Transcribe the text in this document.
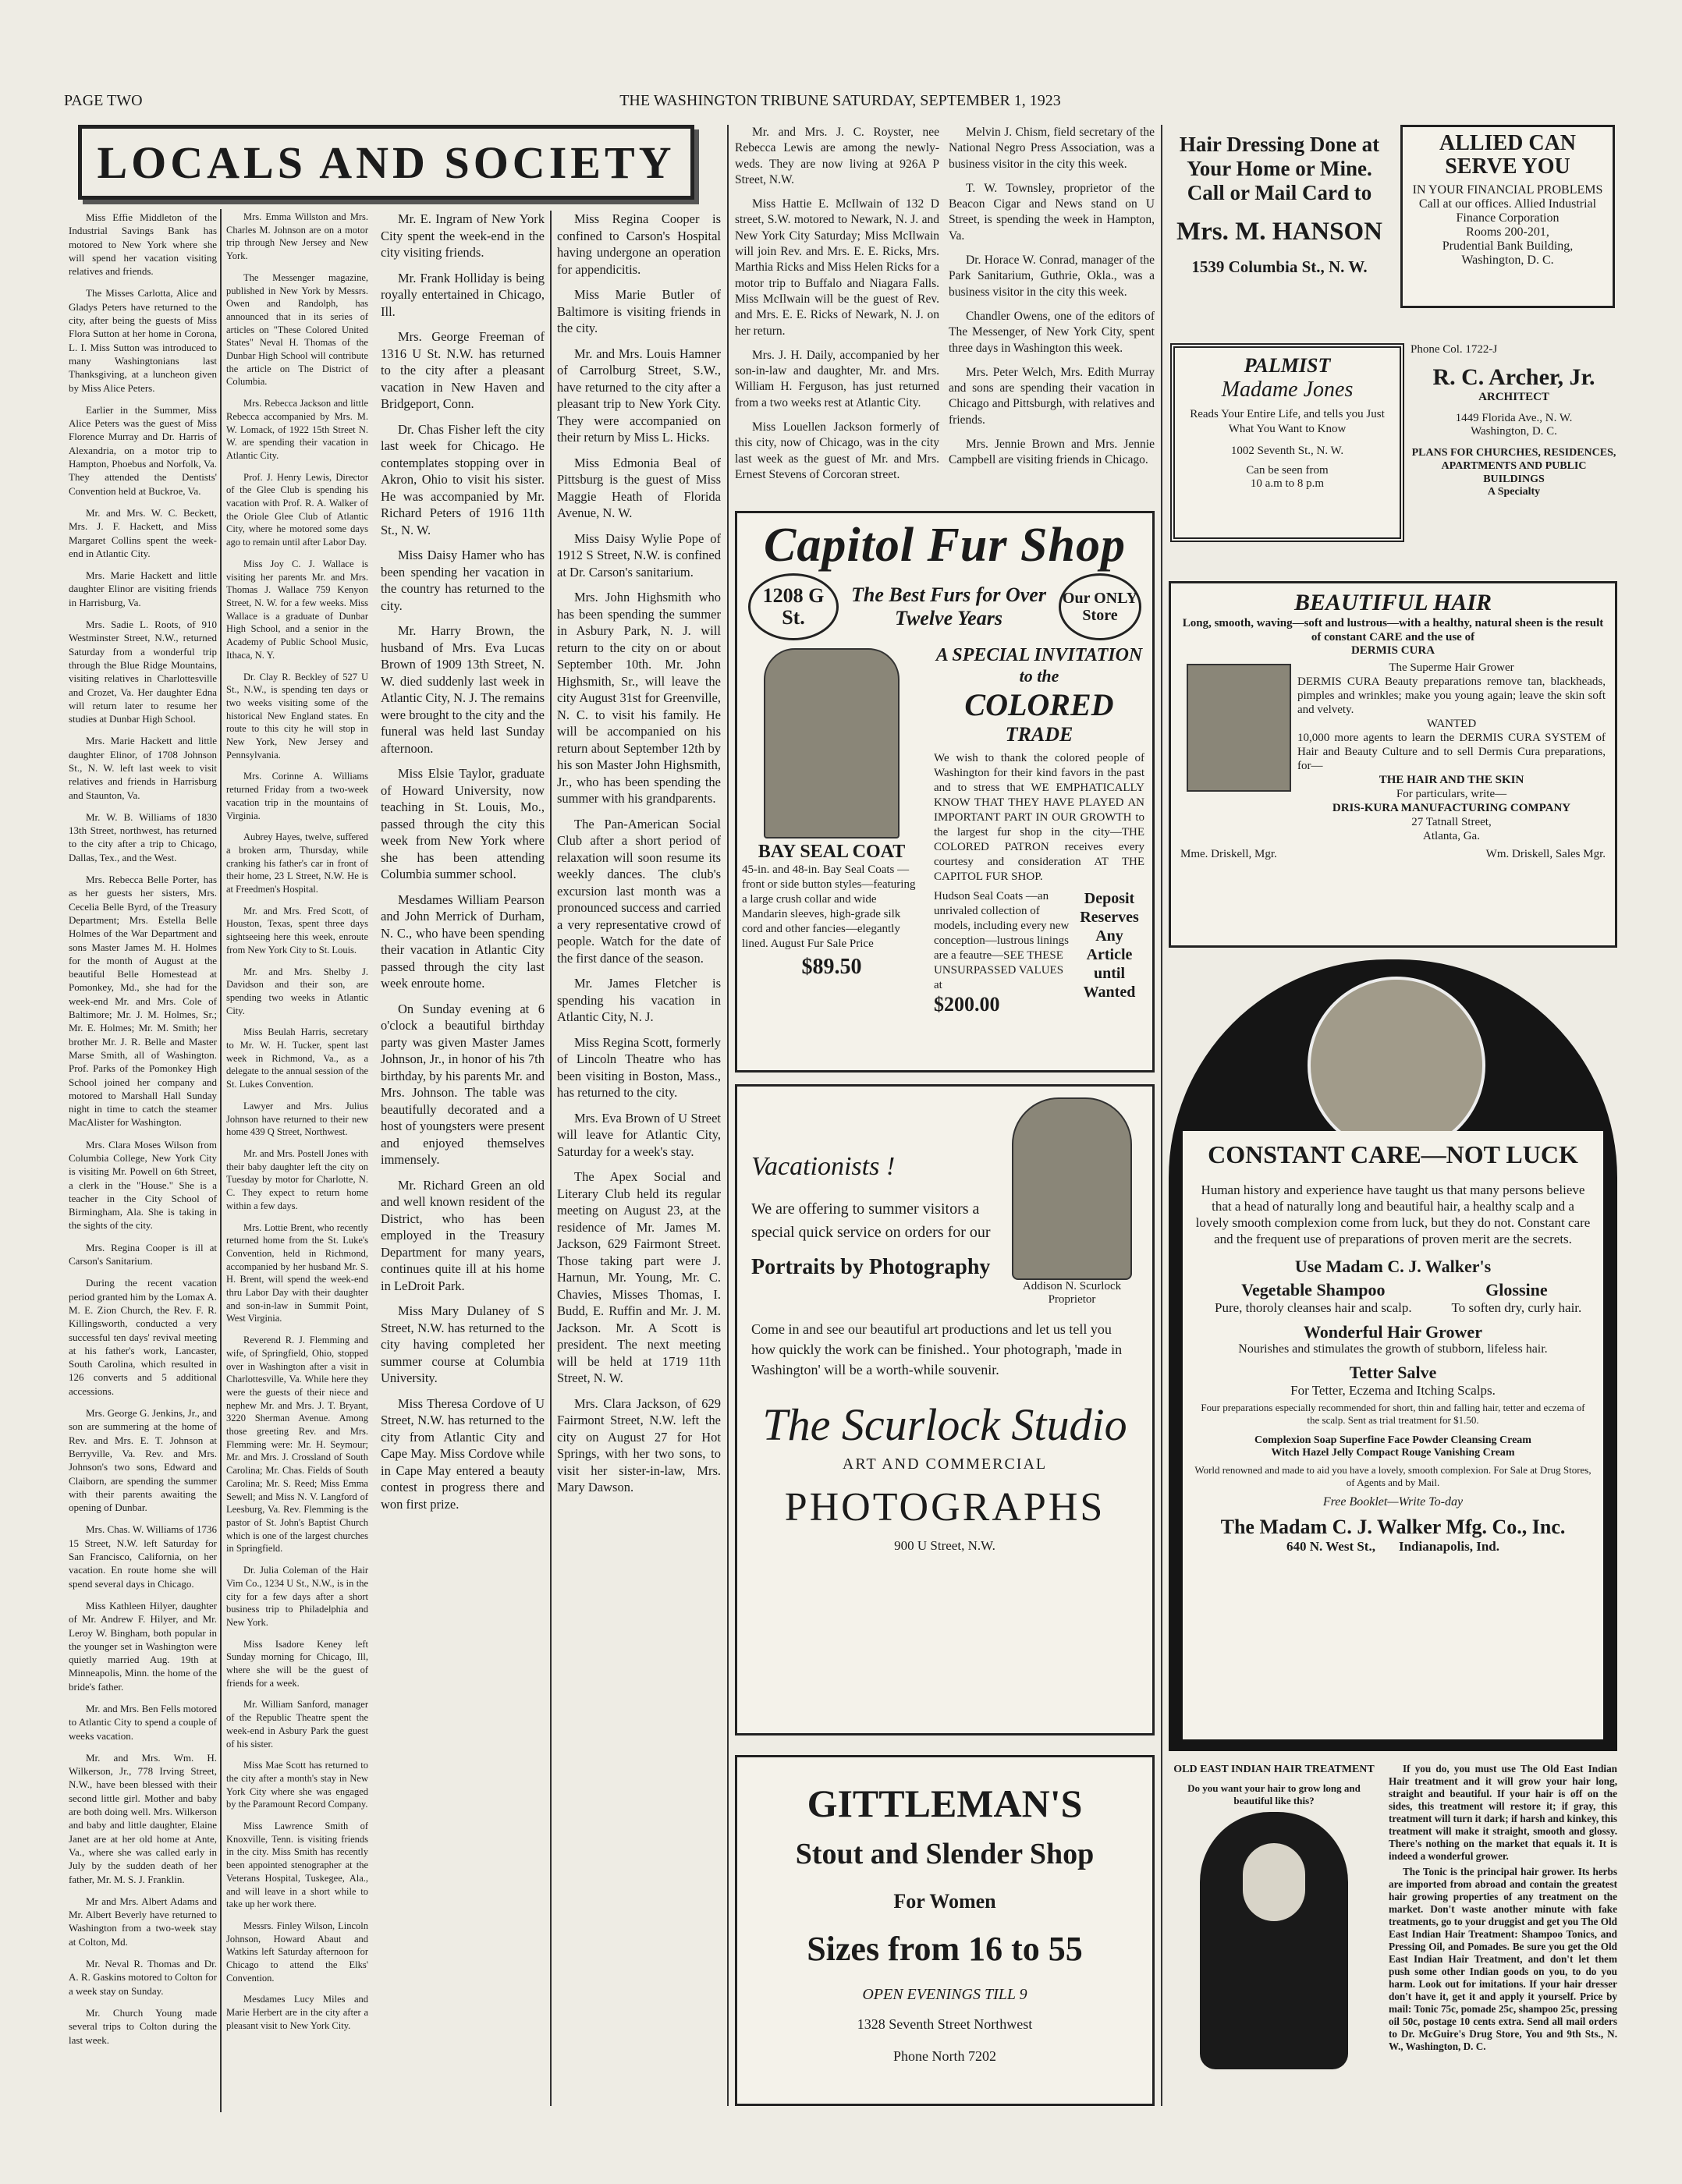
PAGE TWO	THE WASHINGTON TRIBUNE SATURDAY, SEPTEMBER 1, 1923
LOCALS AND SOCIETY

Miss Effie Middleton of the Industrial Savings Bank has motored to New York where she will spend her vacation visiting relatives and friends.

The Misses Carlotta, Alice and Gladys Peters have returned to the city, after being the guests of Miss Flora Sutton at her home in Corona, L. I. Miss Sutton was introduced to many Washingtonians last Thanksgiving, at a luncheon given by Miss Alice Peters.

Earlier in the Summer, Miss Alice Peters was the guest of Miss Florence Murray and Dr. Harris of Alexandria, on a motor trip to Hampton, Phoebus and Norfolk, Va. They attended the Dentists' Convention held at Buckroe, Va.

Mr. and Mrs. W. C. Beckett, Mrs. J. F. Hackett, and Miss Margaret Collins spent the week-end in Atlantic City.

Mrs. Marie Hackett and little daughter Elinor are visiting friends in Harrisburg, Va.

Mrs. Sadie L. Roots, of 910 Westminster Street, N.W., returned Saturday from a wonderful trip through the Blue Ridge Mountains, visiting relatives in Charlottesville and Crozet, Va. Her daughter Edna will return later to resume her studies at Dunbar High School.

Mrs. Marie Hackett and little daughter Elinor, of 1708 Johnson St., N. W. left last week to visit relatives and friends in Harrisburg and Staunton, Va.

Mr. W. B. Williams of 1830 13th Street, northwest, has returned to the city after a trip to Chicago, Dallas, Tex., and the West.

Mrs. Rebecca Belle Porter, has as her guests her sisters, Mrs. Cecelia Belle Byrd, of the Treasury Department; Mrs. Estella Belle Holmes of the War Department and sons Master James M. H. Holmes for the month of August at the beautiful Belle Homestead at Pomonkey, Md., she had for the week-end Mr. and Mrs. Cole of Baltimore; Mr. J. M. Holmes, Sr.; Mr. E. Holmes; Mr. M. Smith; her brother Mr. J. R. Belle and Master Marse Smith, all of Washington. Prof. Parks of the Pomonkey High School joined her company and motored to Marshall Hall Sunday night in time to catch the steamer MacAlister for Washington.

Mrs. Clara Moses Wilson from Columbia College, New York City is visiting Mr. Powell on 6th Street, a clerk in the "House." She is a teacher in the City School of Birmingham, Ala. She is taking in the sights of the city.

Mrs. Regina Cooper is ill at Carson's Sanitarium.

During the recent vacation period granted him by the Lomax A. M. E. Zion Church, the Rev. F. R. Killingsworth, conducted a very successful ten days' revival meeting at his father's work, Lancaster, South Carolina, which resulted in 126 converts and 5 additional accessions.

Mrs. George G. Jenkins, Jr., and son are summering at the home of Rev. and Mrs. E. T. Johnson at Berryville, Va. Rev. and Mrs. Johnson's two sons, Edward and Claiborn, are spending the summer with their parents awaiting the opening of Dunbar.

Mrs. Chas. W. Williams of 1736 15 Street, N.W. left Saturday for San Francisco, California, on her vacation. En route home she will spend several days in Chicago.

Miss Kathleen Hilyer, daughter of Mr. Andrew F. Hilyer, and Mr. Leroy W. Bingham, both popular in the younger set in Washington were quietly married Aug. 19th at Minneapolis, Minn. the home of the bride's father.

Mr. and Mrs. Ben Fells motored to Atlantic City to spend a couple of weeks vacation.

Mr. and Mrs. Wm. H. Wilkerson, Jr., 778 Irving Street, N.W., have been blessed with their second little girl. Mother and baby are both doing well. Mrs. Wilkerson and baby and little daughter, Elaine Janet are at her old home at Ante, Va., where she was called early in July by the sudden death of her father, Mr. M. S. J. Franklin.

Mr and Mrs. Albert Adams and Mr. Albert Beverly have returned to Washington from a two-week stay at Colton, Md.

Mr. Neval R. Thomas and Dr. A. R. Gaskins motored to Colton for a week stay on Sunday.

Mr. Church Young made several trips to Colton during the last week.

Mr. E. Ingram of New York City spent the week-end in the city visiting friends.

Mr. Frank Holliday is being royally entertained in Chicago, Ill.

Mrs. George Freeman of 1316 U St. N.W. has returned to the city after a pleasant vacation in New Haven and Bridgeport, Conn.

Dr. Chas Fisher left the city last week for Chicago. He contemplates stopping over in Akron, Ohio to visit his sister. He was accompanied by Mr. Richard Peters of 1916 11th St., N. W.

Miss Daisy Hamer who has been spending her vacation in the country has returned to the city.

Mr. Harry Brown, the husband of Mrs. Eva Lucas Brown of 1909 13th Street, N. W. died suddenly last week in Atlantic City, N. J. The remains were brought to the city and the funeral was held last Sunday afternoon.

Miss Elsie Taylor, graduate of Howard University, now teaching in St. Louis, Mo., passed through the city this week from New York where she has been attending Columbia summer school.

Mesdames William Pearson and John Merrick of Durham, N. C., who have been spending their vacation in Atlantic City passed through the city last week enroute home.

On Sunday evening at 6 o'clock a beautiful birthday party was given Master James Johnson, Jr., in honor of his 7th birthday, by his parents Mr. and Mrs. Johnson. The table was beautifully decorated and a host of youngsters were present and enjoyed themselves immensely.

Mr. Richard Green an old and well known resident of the District, who has been employed in the Treasury Department for many years, continues quite ill at his home in LeDroit Park.

Miss Mary Dulaney of S Street, N.W. has returned to the city having completed her summer course at Columbia University.

Miss Theresa Cordove of U Street, N.W. has returned to the city from Atlantic City and Cape May. Miss Cordove while in Cape May entered a beauty contest in progress there and won first prize.

Miss Regina Cooper is confined to Carson's Hospital having undergone an operation for appendicitis.

Miss Marie Butler of Baltimore is visiting friends in the city.

Mr. and Mrs. Louis Hamner of Carrolburg Street, S.W., have returned to the city after a pleasant trip to New York City. They were accompanied on their return by Miss L. Hicks.

Miss Edmonia Beal of Pittsburg is the guest of Miss Maggie Heath of Florida Avenue, N. W.

Miss Daisy Wylie Pope of 1912 S Street, N.W. is confined at Dr. Carson's sanitarium.

Mrs. John Highsmith who has been spending the summer in Asbury Park, N. J. will return to the city on or about September 10th. Mr. John Highsmith, Sr., will leave the city August 31st for Greenville, N. C. to visit his family. He will be accompanied on his return about September 12th by his son Master John Highsmith, Jr., who has been spending the summer with his grandparents.

The Pan-American Social Club after a short period of relaxation will soon resume its weekly dances. The club's excursion last month was a pronounced success and carried a very representative crowd of people. Watch for the date of the first dance of the season.

Mr. James Fletcher is spending his vacation in Atlantic City, N. J.

Miss Regina Scott, formerly of Lincoln Theatre who has been visiting in Boston, Mass., has returned to the city.

Mrs. Eva Brown of U Street will leave for Atlantic City, Saturday for a week's stay.

The Apex Social and Literary Club held its regular meeting on August 23, at the residence of Mr. James M. Jackson, 629 Fairmont Street. Those taking part were J. Harnun, Mr. Young, Mr. C. Chavies, Misses Thomas, I. Budd, E. Ruffin and Mr. J. M. Jackson. Mr. A Scott is president. The next meeting will be held at 1719 11th Street, N. W.

Mrs. Clara Jackson, of 629 Fairmont Street, N.W. left the city on August 27 for Hot Springs, with her two sons, to visit her sister-in-law, Mrs. Mary Dawson.

Mr. and Mrs. J. C. Royster, nee Rebecca Lewis are among the newly-weds. They are now living at 926A P Street, N.W.

Miss Hattie E. McIlwain of 132 D street, S.W. motored to Newark, N. J. and New York City Saturday; Miss McIlwain will join Rev. and Mrs. E. E. Ricks, Mrs. Marthia Ricks and Miss Helen Ricks for a motor trip to Buffalo and Niagara Falls. Miss McIlwain will be the guest of Rev. and Mrs. E. E. Ricks of Newark, N. J. on her return.

Mrs. J. H. Daily, accompanied by her son-in-law and daughter, Mr. and Mrs. William H. Ferguson, has just returned from a two weeks rest at Atlantic City.

Miss Louellen Jackson formerly of this city, now of Chicago, was in the city last week as the guest of Mr. and Mrs. Ernest Stevens of Corcoran street.

Melvin J. Chism, field secretary of the National Negro Press Association, was a business visitor in the city this week.

T. W. Townsley, proprietor of the Beacon Cigar and News stand on U Street, is spending the week in Hampton, Va.

Dr. Horace W. Conrad, manager of the Park Sanitarium, Guthrie, Okla., was a business visitor in the city this week.

Chandler Owens, one of the editors of The Messenger, of New York City, spent three days in Washington this week.

Mrs. Peter Welch, Mrs. Edith Murray and sons are spending their vacation in Chicago and Pittsburgh, with relatives and friends.

Mrs. Jennie Brown and Mrs. Jennie Campbell are visiting friends in Chicago.

Capitol Fur Shop
1208 G St.
The Best Furs for Over Twelve Years
Our ONLY Store
BAY SEAL COAT
45-in. and 48-in. Bay Seal Coats —front or side button styles—featuring a large crush collar and wide Mandarin sleeves, high-grade silk cord and other fancies—elegantly lined. August Fur Sale Price
$89.50
A SPECIAL INVITATION
to the
COLORED
TRADE
We wish to thank the colored people of Washington for their kind favors in the past and to stress that WE EMPHATICALLY KNOW THAT THEY HAVE PLAYED AN IMPORTANT PART IN OUR GROWTH to the largest fur shop in the city—THE COLORED PATRON receives every courtesy and consideration AT THE CAPITOL FUR SHOP.
Hudson Seal Coats —an unrivaled collection of models, including every new conception—lustrous linings are a feautre—SEE THESE UNSURPASSED VALUES at
$200.00
Deposit Reserves Any Article until Wanted
Vacationists !
We are offering to summer visitors a special quick service on orders for our
Portraits by Photography
Addison N. Scurlock
Proprietor
Come in and see our beautiful art productions and let us tell you how quickly the work can be finished.. Your photograph, 'made in Washington' will be a worth-while souvenir.
The Scurlock Studio
ART AND COMMERCIAL
PHOTOGRAPHS
900 U Street, N.W.
GITTLEMAN'S
Stout and Slender Shop
For Women
Sizes from 16 to 55
OPEN EVENINGS TILL 9
1328 Seventh Street Northwest
Phone North 7202
Hair Dressing Done at Your Home or Mine. Call or Mail Card to
Mrs. M. HANSON
1539 Columbia St., N. W.
ALLIED CAN SERVE YOU
IN YOUR FINANCIAL PROBLEMS
Call at our offices. Allied Industrial Finance Corporation
Rooms 200-201,
Prudential Bank Building,
Washington, D. C.
PALMIST
Madame Jones
Reads Your Entire Life, and tells you Just What You Want to Know
1002 Seventh St., N. W.
Can be seen from
10 a.m to 8 p.m
Phone Col. 1722-J
R. C. Archer, Jr.
ARCHITECT
1449 Florida Ave., N. W.
Washington, D. C.
PLANS FOR CHURCHES, RESIDENCES, APARTMENTS AND PUBLIC BUILDINGS
A Specialty
BEAUTIFUL HAIR
Long, smooth, waving—soft and lustrous—with a healthy, natural sheen is the result of constant CARE and the use of
DERMIS CURA
The Superme Hair Grower
DERMIS CURA Beauty preparations remove tan, blackheads, pimples and wrinkles; make you young again; leave the skin soft and velvety.
WANTED
10,000 more agents to learn the DERMIS CURA SYSTEM of Hair and Beauty Culture and to sell Dermis Cura preparations, for—
THE HAIR AND THE SKIN
For particulars, write—
DRIS-KURA MANUFACTURING COMPANY
27 Tatnall Street,
Atlanta, Ga.
Mme. Driskell, Mgr.	Wm. Driskell, Sales Mgr.
CONSTANT CARE—NOT LUCK
Human history and experience have taught us that many persons believe that a head of naturally long and beautiful hair, a healthy scalp and a lovely smooth complexion come from luck, but they do not. Constant care and the frequent use of preparations of proven merit are the secrets.
Use Madam C. J. Walker's
Vegetable Shampoo
Pure, thoroly cleanses hair and scalp.
Glossine
To soften dry, curly hair.
Wonderful Hair Grower
Nourishes and stimulates the growth of stubborn, lifeless hair.
Tetter Salve
For Tetter, Eczema and Itching Scalps.
Four preparations especially recommended for short, thin and falling hair, tetter and eczema of the scalp. Sent as trial treatment for $1.50.
Complexion Soap Superfine Face Powder Cleansing Cream
Witch Hazel Jelly Compact Rouge Vanishing Cream
World renowned and made to aid you have a lovely, smooth complexion. For Sale at Drug Stores, of Agents and by Mail.
Free Booklet—Write To-day
The Madam C. J. Walker Mfg. Co., Inc.
640 N. West St., Indianapolis, Ind.
OLD EAST INDIAN HAIR TREATMENT
Do you want your hair to grow long and beautiful like this?
If you do, you must use The Old East Indian Hair treatment and it will grow your hair long, straight and beautiful. If your hair is off on the sides, this treatment will restore it; if gray, this treatment will turn it dark; if harsh and kinkey, this treatment will make it straight, smooth and glossy. There's nothing on the market that equals it. It is indeed a wonderful grower.
The Tonic is the principal hair grower. Its herbs are imported from abroad and contain the greatest hair growing properties of any treatment on the market. Don't waste another minute with fake treatments, go to your druggist and get you The Old East Indian Hair Treatment: Shampoo Tonics, and Pressing Oil, and Pomades. Be sure you get the Old East Indian Hair Treatment, and don't let them push some other Indian goods on you, to do you harm. Look out for imitations. If your hair dresser don't have it, get it and apply it yourself. Price by mail: Tonic 75c, pomade 25c, shampoo 25c, pressing oil 50c, postage 10 cents extra. Send all mail orders to Dr. McGuire's Drug Store, You and 9th Sts., N. W., Washington, D. C.

Mrs. Emma Willston and Mrs. Charles M. Johnson are on a motor trip through New Jersey and New York.

The Messenger magazine, published in New York by Messrs. Owen and Randolph, has announced that in its series of articles on "These Colored United States" Neval H. Thomas of the Dunbar High School will contribute the article on The District of Columbia.

Mrs. Rebecca Jackson and little Rebecca accompanied by Mrs. M. W. Lomack, of 1922 15th Street N. W. are spending their vacation in Atlantic City.

Prof. J. Henry Lewis, Director of the Glee Club is spending his vacation with Prof. R. A. Walker of the Oriole Glee Club of Atlantic City, where he motored some days ago to remain until after Labor Day.

Miss Joy C. J. Wallace is visiting her parents Mr. and Mrs. Thomas J. Wallace 759 Kenyon Street, N. W. for a few weeks. Miss Wallace is a graduate of Dunbar High School, and a senior in the Academy of Public School Music, Ithaca, N. Y.

Dr. Clay R. Beckley of 527 U St., N.W., is spending ten days or two weeks visiting some of the historical New England states. En route to this city he will stop in New York, New Jersey and Pennsylvania.

Mrs. Corinne A. Williams returned Friday from a two-week vacation trip in the mountains of Virginia.

Aubrey Hayes, twelve, suffered a broken arm, Thursday, while cranking his father's car in front of their home, 23 L Street, N.W. He is at Freedmen's Hospital.

Mr. and Mrs. Fred Scott, of Houston, Texas, spent three days sightseeing here this week, enroute from New York City to St. Louis.

Mr. and Mrs. Shelby J. Davidson and their son, are spending two weeks in Atlantic City.

Miss Beulah Harris, secretary to Mr. W. H. Tucker, spent last week in Richmond, Va., as a delegate to the annual session of the St. Lukes Convention.

Lawyer and Mrs. Julius Johnson have returned to their new home 439 Q Street, Northwest.

Mr. and Mrs. Postell Jones with their baby daughter left the city on Tuesday by motor for Charlotte, N. C. They expect to return home within a few days.

Mrs. Lottie Brent, who recently returned home from the St. Luke's Convention, held in Richmond, accompanied by her husband Mr. S. H. Brent, will spend the week-end thru Labor Day with their daughter and son-in-law in Summit Point, West Virginia.

Reverend R. J. Flemming and wife, of Springfield, Ohio, stopped over in Washington after a visit in Charlottesville, Va. While here they were the guests of their niece and nephew Mr. and Mrs. J. T. Bryant, 3220 Sherman Avenue. Among those greeting Rev. and Mrs. Flemming were: Mr. H. Seymour; Mr. and Mrs. J. Crossland of South Carolina; Mr. Chas. Fields of South Carolina; Mr. S. Reed; Miss Emma Sewell; and Miss N. V. Langford of Leesburg, Va. Rev. Flemming is the pastor of St. John's Baptist Church which is one of the largest churches in Springfield.

Dr. Julia Coleman of the Hair Vim Co., 1234 U St., N.W., is in the city for a few days after a short business trip to Philadelphia and New York.

Miss Isadore Keney left Sunday morning for Chicago, Ill, where she will be the guest of friends for a week.

Mr. William Sanford, manager of the Republic Theatre spent the week-end in Asbury Park the guest of his sister.

Miss Mae Scott has returned to the city after a month's stay in New York City where she was engaged by the Paramount Record Company.

Miss Lawrence Smith of Knoxville, Tenn. is visiting friends in the city. Miss Smith has recently been appointed stenographer at the Veterans Hospital, Tuskegee, Ala., and will leave in a short while to take up her work there.

Messrs. Finley Wilson, Lincoln Johnson, Howard Abaut and Watkins left Saturday afternoon for Chicago to attend the Elks' Convention.

Mesdames Lucy Miles and Marie Herbert are in the city after a pleasant visit to New York City.
